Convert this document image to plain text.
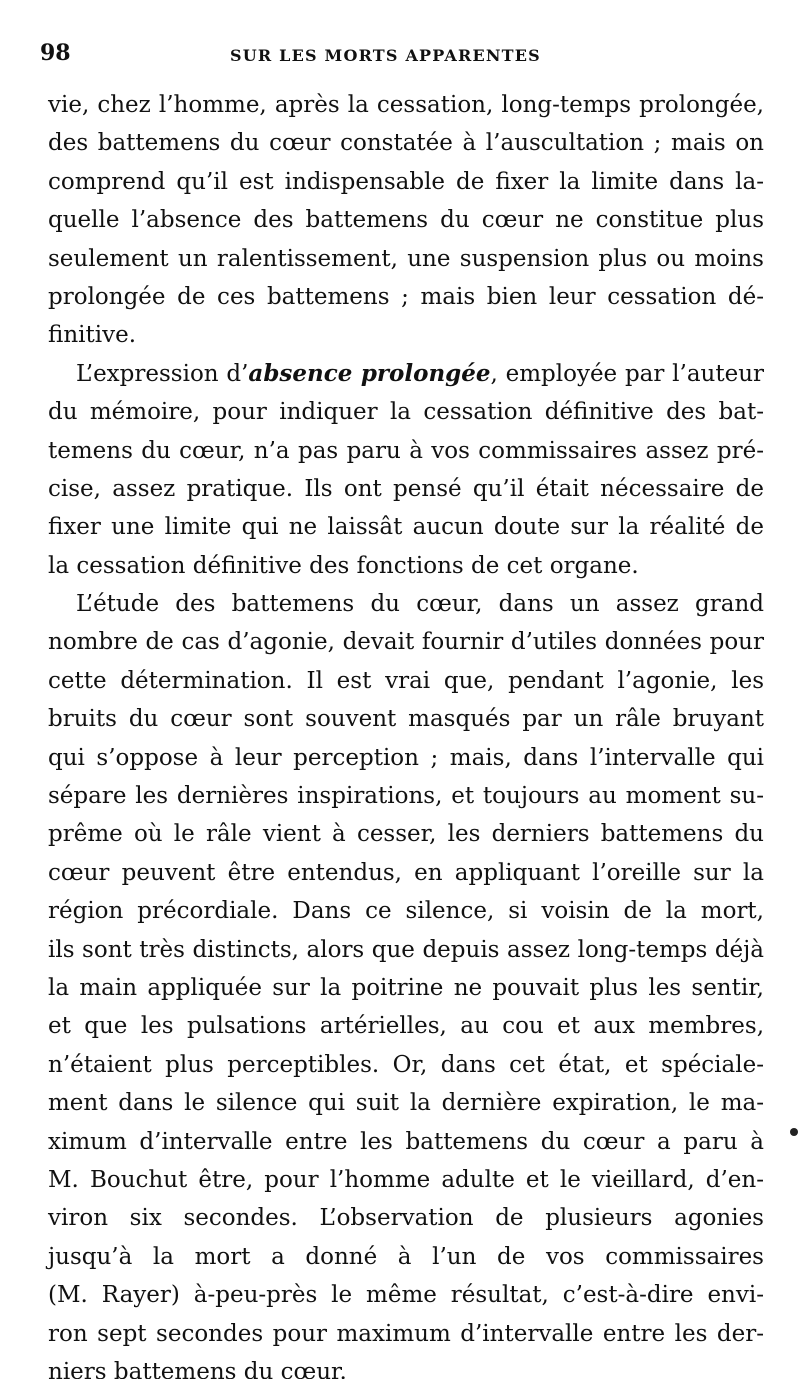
98	SUR LES MORTS APPARENTES
vie, chez l’homme, après la cessation, long-temps prolongée,
des battemens du cœur constatée à l’auscultation ; mais on
comprend qu’il est indispensable de fixer la limite dans la-
quelle l’absence des battemens du cœur ne constitue plus
seulement un ralentissement, une suspension plus ou moins
prolongée de ces battemens ; mais bien leur cessation dé-
finitive.
L’expression d’absence prolongée, employée par l’auteur
du mémoire, pour indiquer la cessation définitive des bat-
temens du cœur, n’a pas paru à vos commissaires assez pré-
cise, assez pratique. Ils ont pensé qu’il était nécessaire de
fixer une limite qui ne laissât aucun doute sur la réalité de
la cessation définitive des fonctions de cet organe.
L’étude des battemens du cœur, dans un assez grand
nombre de cas d’agonie, devait fournir d’utiles données pour
cette détermination. Il est vrai que, pendant l’agonie, les
bruits du cœur sont souvent masqués par un râle bruyant
qui s’oppose à leur perception ; mais, dans l’intervalle qui
sépare les dernières inspirations, et toujours au moment su-
prême où le râle vient à cesser, les derniers battemens du
cœur peuvent être entendus, en appliquant l’oreille sur la
région précordiale. Dans ce silence, si voisin de la mort,
ils sont très distincts, alors que depuis assez long-temps déjà
la main appliquée sur la poitrine ne pouvait plus les sentir,
et que les pulsations artérielles, au cou et aux membres,
n’étaient plus perceptibles. Or, dans cet état, et spéciale-
ment dans le silence qui suit la dernière expiration, le ma-
ximum d’intervalle entre les battemens du cœur a paru à
M. Bouchut être, pour l’homme adulte et le vieillard, d’en-
viron six secondes. L’observation de plusieurs agonies
jusqu’à la mort a donné à l’un de vos commissaires
(M. Rayer) à-peu-près le même résultat, c’est-à-dire envi-
ron sept secondes pour maximum d’intervalle entre les der-
niers battemens du cœur.
